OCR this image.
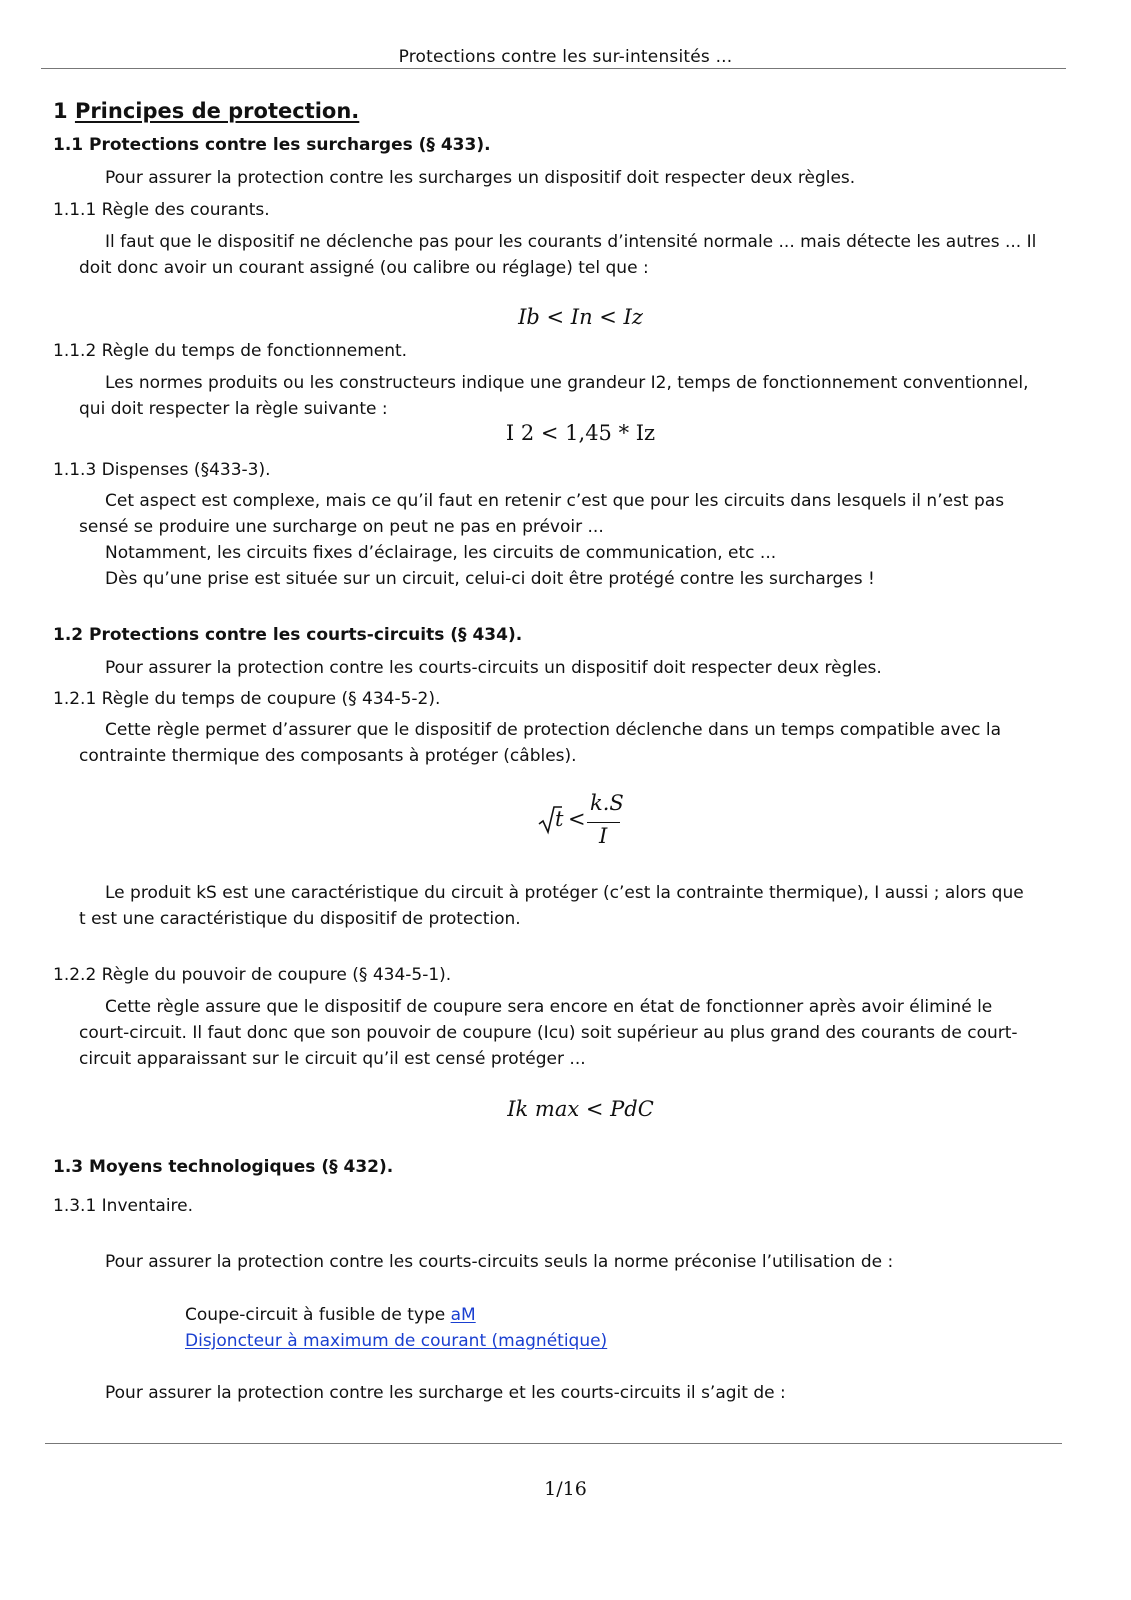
Protections contre les sur-intensités ...
1 Principes de protection.
1.1 Protections contre les surcharges (§ 433).
Pour assurer la protection contre les surcharges un dispositif doit respecter deux règles.
1.1.1 Règle des courants.
Il faut que le dispositif ne déclenche pas pour les courants d’intensité normale ... mais détecte les autres ... Il
doit donc avoir un courant assigné (ou calibre ou réglage) tel que :
Ib < In < Iz
1.1.2 Règle du temps de fonctionnement.
Les normes produits ou les constructeurs indique une grandeur I2, temps de fonctionnement conventionnel,
qui doit respecter la règle suivante :
I 2 < 1,45 * Iz
1.1.3 Dispenses (§433-3).
Cet aspect est complexe, mais ce qu’il faut en retenir c’est que pour les circuits dans lesquels il n’est pas
sensé se produire une surcharge on peut ne pas en prévoir ...
Notamment, les circuits fixes d’éclairage, les circuits de communication, etc ...
Dès qu’une prise est située sur un circuit, celui-ci doit être protégé contre les surcharges !
1.2 Protections contre les courts-circuits (§ 434).
Pour assurer la protection contre les courts-circuits un dispositif doit respecter deux règles.
1.2.1 Règle du temps de coupure (§ 434-5-2).
Cette règle permet d’assurer que le dispositif de protection déclenche dans un temps compatible avec la
contrainte thermique des composants à protéger (câbles).
t <
k.S
I
Le produit kS est une caractéristique du circuit à protéger (c’est la contrainte thermique), I aussi ; alors que
t est une caractéristique du dispositif de protection.
1.2.2 Règle du pouvoir de coupure (§ 434-5-1).
Cette règle assure que le dispositif de coupure sera encore en état de fonctionner après avoir éliminé le
court-circuit. Il faut donc que son pouvoir de coupure (Icu) soit supérieur au plus grand des courants de court-
circuit apparaissant sur le circuit qu’il est censé protéger ...
Ik max < PdC
1.3 Moyens technologiques (§ 432).
1.3.1 Inventaire.
Pour assurer la protection contre les courts-circuits seuls la norme préconise l’utilisation de :
Coupe-circuit à fusible de type aM
Disjoncteur à maximum de courant (magnétique)
Pour assurer la protection contre les surcharge et les courts-circuits il s’agit de :
1/16
